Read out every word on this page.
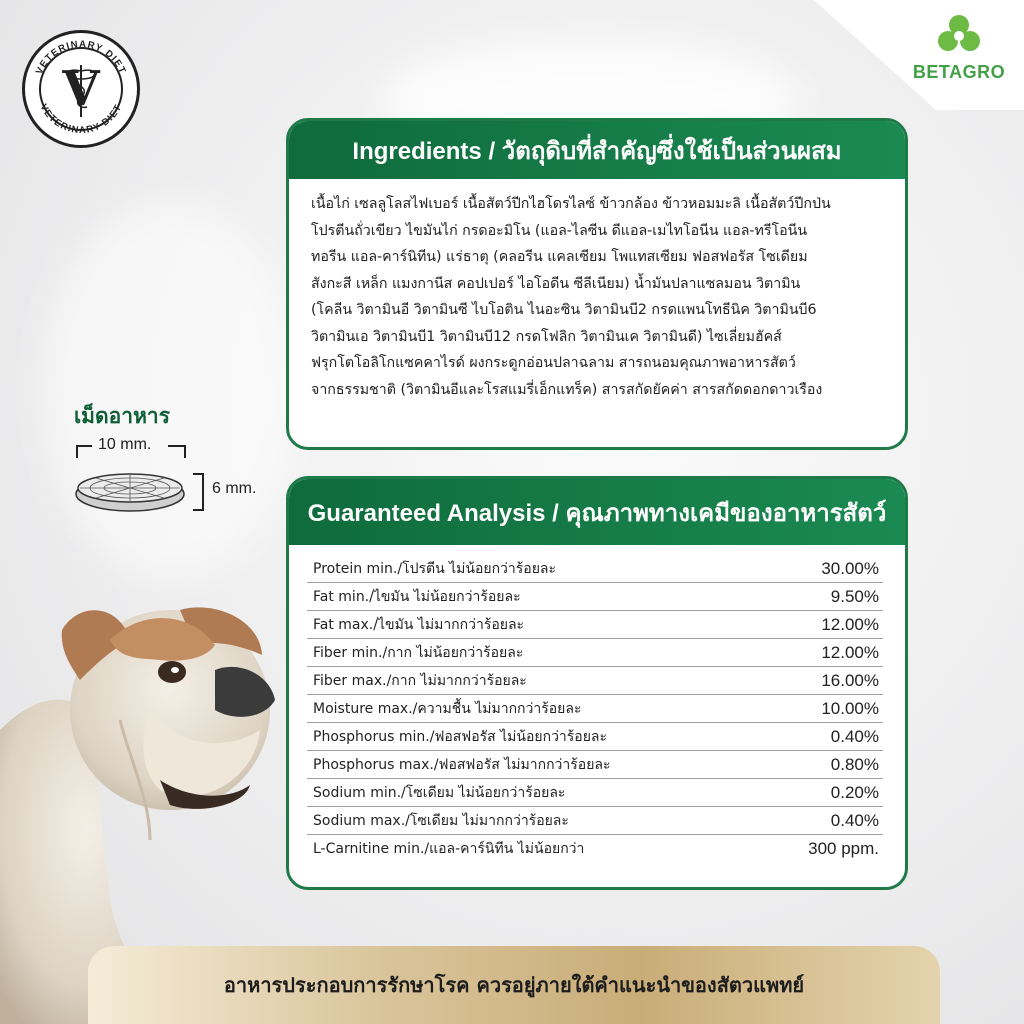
VETERINARY DIET
VETERINARY DIET
V	BETAGRO
Ingredients / วัตถุดิบที่สำคัญซึ่งใช้เป็นส่วนผสม
เนื้อไก่ เซลลูโลสไฟเบอร์ เนื้อสัตว์ปีกไฮโดรไลซ์ ข้าวกล้อง ข้าวหอมมะลิ เนื้อสัตว์ปีกป่น
โปรตีนถั่วเขียว ไขมันไก่ กรดอะมิโน (แอล-ไลซีน ดีแอล-เมไทโอนีน แอล-ทรีโอนีน
ทอรีน แอล-คาร์นิทีน) แร่ธาตุ (คลอรีน แคลเซียม โพแทสเซียม ฟอสฟอรัส โซเดียม
สังกะสี เหล็ก แมงกานีส คอปเปอร์ ไอโอดีน ซีลีเนียม) น้ำมันปลาแซลมอน วิตามิน
(โคลีน วิตามินอี วิตามินซี ไบโอติน ไนอะซิน วิตามินบี2 กรดแพนโทธีนิค วิตามินบี6
วิตามินเอ วิตามินบี1 วิตามินบี12 กรดโฟลิก วิตามินเค วิตามินดี) ไซเลี่ยมฮัคส์
ฟรุกโตโอลิโกแซคคาไรด์ ผงกระดูกอ่อนปลาฉลาม สารถนอมคุณภาพอาหารสัตว์
จากธรรมชาติ (วิตามินอีและโรสแมรี่เอ็กแทร็ค) สารสกัดยัคค่า สารสกัดดอกดาวเรือง
เม็ดอาหาร
10 mm.
6 mm.
Guaranteed Analysis / คุณภาพทางเคมีของอาหารสัตว์
Protein min./โปรตีน ไม่น้อยกว่าร้อยละ	30.00%
Fat min./ไขมัน ไม่น้อยกว่าร้อยละ	9.50%
Fat max./ไขมัน ไม่มากกว่าร้อยละ	12.00%
Fiber min./กาก ไม่น้อยกว่าร้อยละ	12.00%
Fiber max./กาก ไม่มากกว่าร้อยละ	16.00%
Moisture max./ความชื้น ไม่มากกว่าร้อยละ	10.00%
Phosphorus min./ฟอสฟอรัส ไม่น้อยกว่าร้อยละ	0.40%
Phosphorus max./ฟอสฟอรัส ไม่มากกว่าร้อยละ	0.80%
Sodium min./โซเดียม ไม่น้อยกว่าร้อยละ	0.20%
Sodium max./โซเดียม ไม่มากกว่าร้อยละ	0.40%
L-Carnitine min./แอล-คาร์นิทีน ไม่น้อยกว่า	300 ppm.
อาหารประกอบการรักษาโรค ควรอยู่ภายใต้คำแนะนำของสัตวแพทย์
